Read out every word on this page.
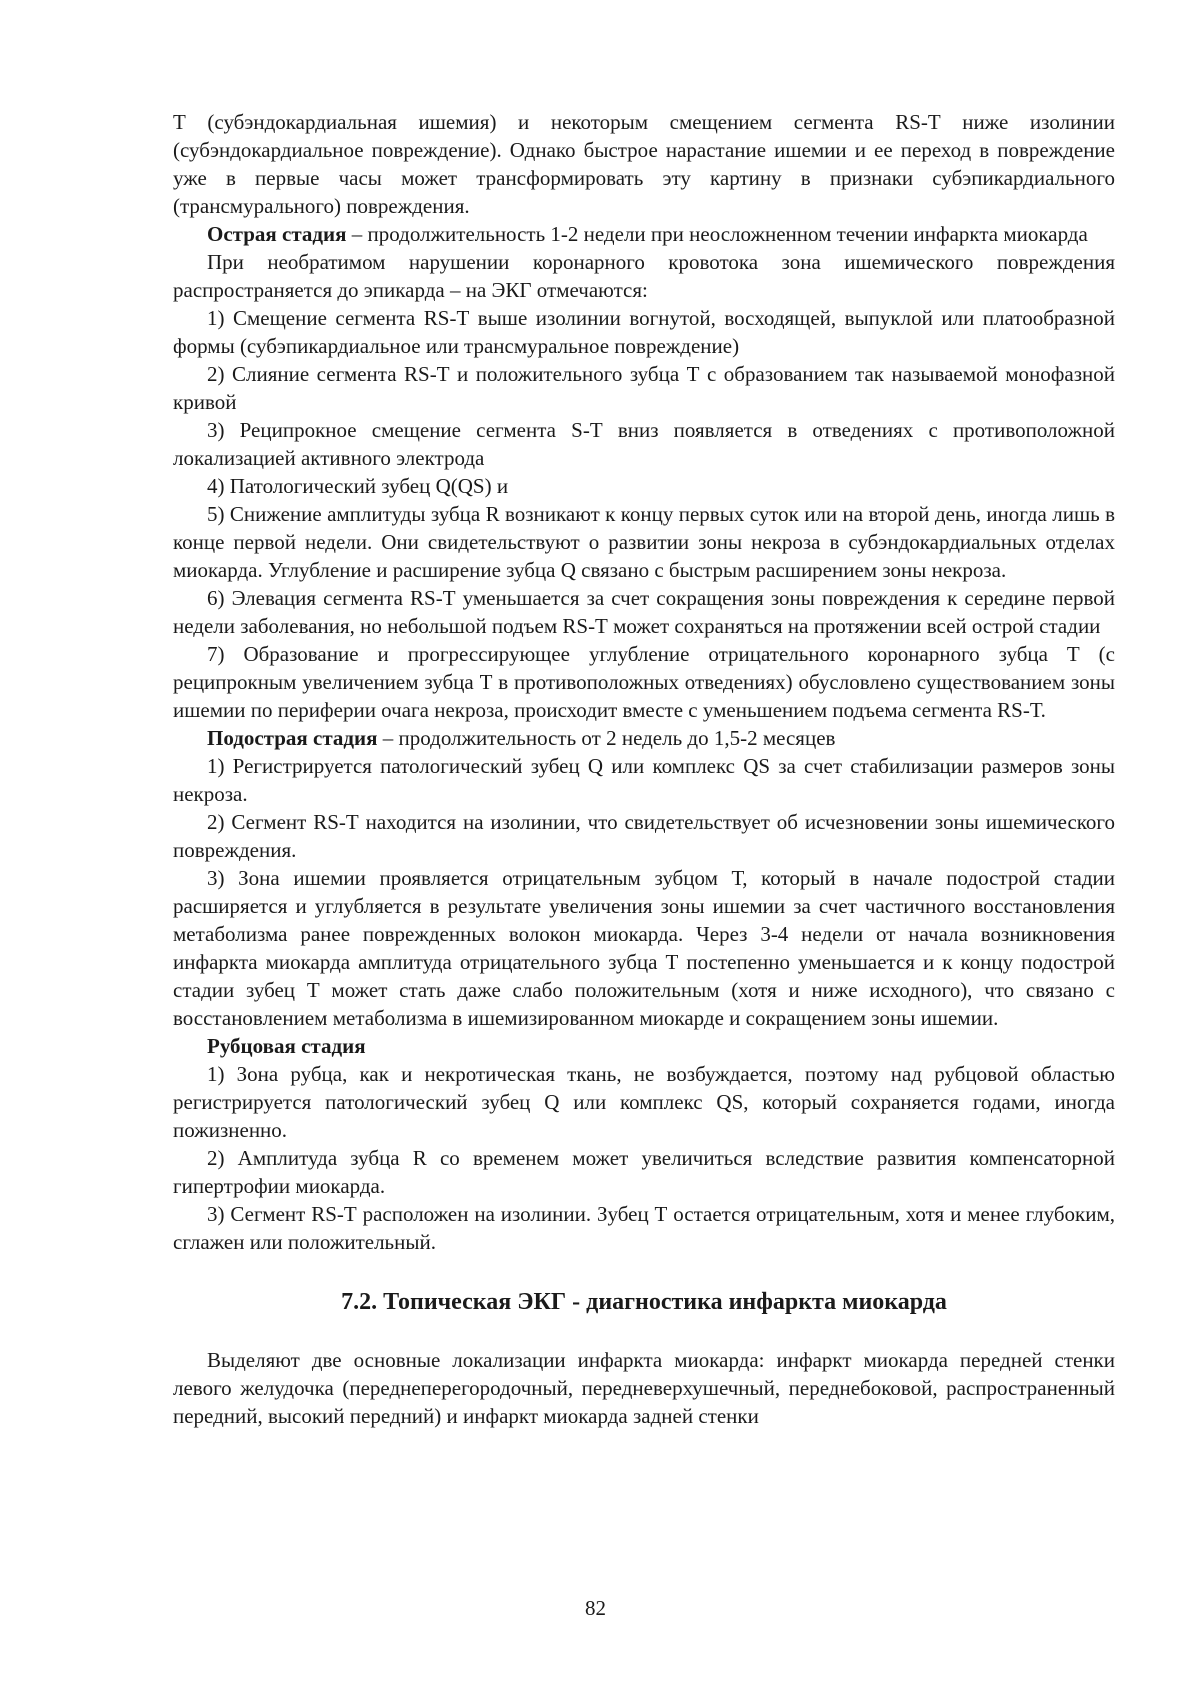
Т (субэндокардиальная ишемия) и некоторым смещением сегмента RS-Т ниже изолинии (субэндокардиальное повреждение). Однако быстрое нарастание ишемии и ее переход в повреждение уже в первые часы может трансформировать эту картину в признаки субэпикардиального (трансмурального) повреждения.

Острая стадия – продолжительность 1-2 недели при неосложненном течении инфаркта миокарда

При необратимом нарушении коронарного кровотока зона ишемического повреждения распространяется до эпикарда – на ЭКГ отмечаются:

1) Смещение сегмента RS-Т выше изолинии вогнутой, восходящей, выпуклой или платообразной формы (субэпикардиальное или трансмуральное повреждение)

2) Слияние сегмента RS-Т и положительного зубца Т с образованием так называемой монофазной кривой

3) Реципрокное смещение сегмента S-Т вниз появляется в отведениях с противоположной локализацией активного электрода

4) Патологический зубец Q(QS) и

5) Снижение амплитуды зубца R возникают к концу первых суток или на второй день, иногда лишь в конце первой недели. Они свидетельствуют о развитии зоны некроза в субэндокардиальных отделах миокарда. Углубление и расширение зубца Q связано с быстрым расширением зоны некроза.

6) Элевация сегмента RS-Т уменьшается за счет сокращения зоны повреждения к середине первой недели заболевания, но небольшой подъем RS-Т может сохраняться на протяжении всей острой стадии

7) Образование и прогрессирующее углубление отрицательного коронарного зубца Т (с реципрокным увеличением зубца Т в противоположных отведениях) обусловлено существованием зоны ишемии по периферии очага некроза, происходит вместе с уменьшением подъема сегмента RS-Т.

Подострая стадия – продолжительность от 2 недель до 1,5-2 месяцев

1) Регистрируется патологический зубец Q или комплекс QS за счет стабилизации размеров зоны некроза.

2) Сегмент RS-Т находится на изолинии, что свидетельствует об исчезновении зоны ишемического повреждения.

3) Зона ишемии проявляется отрицательным зубцом Т, который в начале подострой стадии расширяется и углубляется в результате увеличения зоны ишемии за счет частичного восстановления метаболизма ранее поврежденных волокон миокарда. Через 3-4 недели от начала возникновения инфаркта миокарда амплитуда отрицательного зубца Т постепенно уменьшается и к концу подострой стадии зубец Т может стать даже слабо положительным (хотя и ниже исходного), что связано с восстановлением метаболизма в ишемизированном миокарде и сокращением зоны ишемии.

Рубцовая стадия

1) Зона рубца, как и некротическая ткань, не возбуждается, поэтому над рубцовой областью регистрируется патологический зубец Q или комплекс QS, который сохраняется годами, иногда пожизненно.

2) Амплитуда зубца R со временем может увеличиться вследствие развития компенсаторной гипертрофии миокарда.

3) Сегмент RS-Т расположен на изолинии. Зубец Т остается отрицательным, хотя и менее глубоким, сглажен или положительный.

7.2. Топическая ЭКГ - диагностика инфаркта миокарда

Выделяют две основные локализации инфаркта миокарда: инфаркт миокарда передней стенки левого желудочка (переднеперегородочный, передневерхушечный, переднебоковой, распространенный передний, высокий передний) и инфаркт миокарда задней стенки

82
